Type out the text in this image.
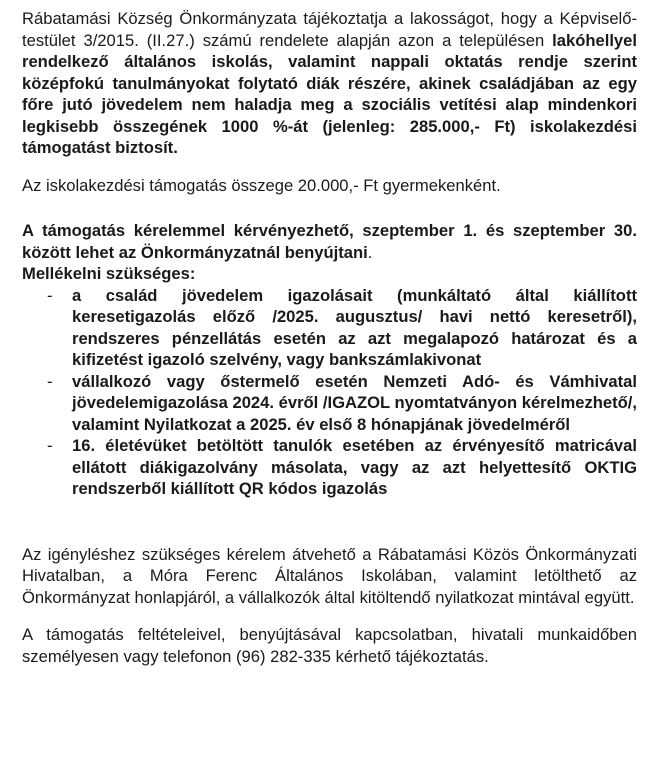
Rábatamási Község Önkormányzata tájékoztatja a lakosságot, hogy a Képviselő-testület 3/2015. (II.27.) számú rendelete alapján azon a településen lakóhellyel rendelkező általános iskolás, valamint nappali oktatás rendje szerint középfokú tanulmányokat folytató diák részére, akinek családjában az egy főre jutó jövedelem nem haladja meg a szociális vetítési alap mindenkori legkisebb összegének 1000 %-át (jelenleg: 285.000,- Ft) iskolakezdési támogatást biztosít.

Az iskolakezdési támogatás összege 20.000,- Ft gyermekenként.

A támogatás kérelemmel kérvényezhető, szeptember 1. és szeptember 30. között lehet az Önkormányzatnál benyújtani.

Mellékelni szükséges:

- a család jövedelem igazolásait (munkáltató által kiállított keresetigazolás előző /2025. augusztus/ havi nettó keresetről), rendszeres pénzellátás esetén az azt megalapozó határozat és a kifizetést igazoló szelvény, vagy bankszámlakivonat
- vállalkozó vagy őstermelő esetén Nemzeti Adó- és Vámhivatal jövedelemigazolása 2024. évről /IGAZOL nyomtatványon kérelmezhető/, valamint Nyilatkozat a 2025. év első 8 hónapjának jövedelméről
- 16. életévüket betöltött tanulók esetében az érvényesítő matricával ellátott diákigazolvány másolata, vagy az azt helyettesítő OKTIG rendszerből kiállított QR kódos igazolás

Az igényléshez szükséges kérelem átvehető a Rábatamási Közös Önkormányzati Hivatalban, a Móra Ferenc Általános Iskolában, valamint letölthető az Önkormányzat honlapjáról, a vállalkozók által kitöltendő nyilatkozat mintával együtt.

A támogatás feltételeivel, benyújtásával kapcsolatban, hivatali munkaidőben személyesen vagy telefonon (96) 282-335 kérhető tájékoztatás.
